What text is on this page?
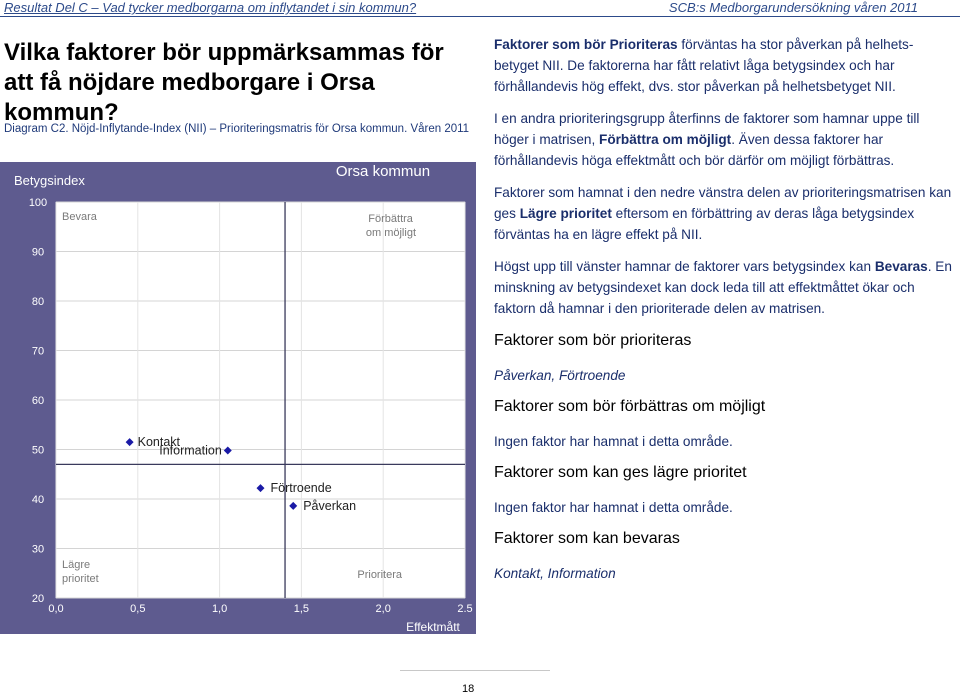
Resultat Del C – Vad tycker medborgarna om inflytandet i sin kommun?	SCB:s Medborgarundersökning våren 2011
Vilka faktorer bör uppmärksammas för att få nöjdare medborgare i Orsa kommun?
Diagram C2. Nöjd-Inflytande-Index (NII) – Prioriteringsmatris för Orsa kommun. Våren 2011
Betygsindex
Orsa kommun
100
90
80
70
60
50
40
30
20
0,0	0,5	1,0	1,5	2,0	2.5
Bevara	Förbättra om möjligt
Lägre prioritet	Prioritera
Kontakt
Information
Förtroende
Påverkan
Effektmått

Faktorer som bör Prioriteras förväntas ha stor påverkan på helhets-betyget NII. De faktorerna har fått relativt låga betygsindex och har förhållandevis hög effekt, dvs. stor påverkan på helhetsbetyget NII.

I en andra prioriteringsgrupp återfinns de faktorer som hamnar uppe till höger i matrisen, Förbättra om möjligt. Även dessa faktorer har förhållandevis höga effektmått och bör därför om möjligt förbättras.

Faktorer som hamnat i den nedre vänstra delen av prioriteringsmatrisen kan ges Lägre prioritet eftersom en förbättring av deras låga betygsindex förväntas ha en lägre effekt på NII.

Högst upp till vänster hamnar de faktorer vars betygsindex kan Bevaras. En minskning av betygsindexet kan dock leda till att effektmåttet ökar och faktorn då hamnar i den prioriterade delen av matrisen.

Faktorer som bör prioriteras
Påverkan, Förtroende
Faktorer som bör förbättras om möjligt
Ingen faktor har hamnat i detta område.
Faktorer som kan ges lägre prioritet
Ingen faktor har hamnat i detta område.
Faktorer som kan bevaras
Kontakt, Information
18
